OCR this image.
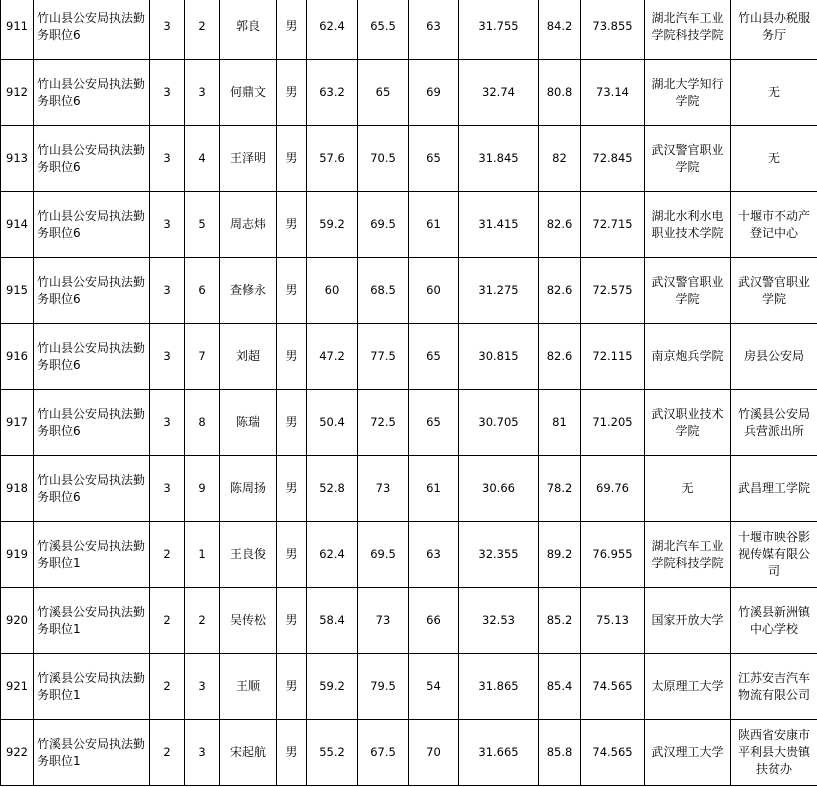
911	竹山县公安局执法勤务职位6	3	2	郭良	男	62.4	65.5	63	31.755	84.2	73.855	湖北汽车工业学院科技学院	竹山县办税服务厅
912	竹山县公安局执法勤务职位6	3	3	何鼎文	男	63.2	65	69	32.74	80.8	73.14	湖北大学知行学院	无
913	竹山县公安局执法勤务职位6	3	4	王泽明	男	57.6	70.5	65	31.845	82	72.845	武汉警官职业学院	无
914	竹山县公安局执法勤务职位6	3	5	周志炜	男	59.2	69.5	61	31.415	82.6	72.715	湖北水利水电职业技术学院	十堰市不动产登记中心
915	竹山县公安局执法勤务职位6	3	6	查修永	男	60	68.5	60	31.275	82.6	72.575	武汉警官职业学院	武汉警官职业学院
916	竹山县公安局执法勤务职位6	3	7	刘超	男	47.2	77.5	65	30.815	82.6	72.115	南京炮兵学院	房县公安局
917	竹山县公安局执法勤务职位6	3	8	陈瑞	男	50.4	72.5	65	30.705	81	71.205	武汉职业技术学院	竹溪县公安局兵营派出所
918	竹山县公安局执法勤务职位6	3	9	陈周扬	男	52.8	73	61	30.66	78.2	69.76	无	武昌理工学院
919	竹溪县公安局执法勤务职位1	2	1	王良俊	男	62.4	69.5	63	32.355	89.2	76.955	湖北汽车工业学院科技学院	十堰市映谷影视传媒有限公司
920	竹溪县公安局执法勤务职位1	2	2	吴传松	男	58.4	73	66	32.53	85.2	75.13	国家开放大学	竹溪县新洲镇中心学校
921	竹溪县公安局执法勤务职位1	2	3	王顺	男	59.2	79.5	54	31.865	85.4	74.565	太原理工大学	江苏安吉汽车物流有限公司
922	竹溪县公安局执法勤务职位1	2	3	宋起航	男	55.2	67.5	70	31.665	85.8	74.565	武汉理工大学	陕西省安康市平利县大贵镇扶贫办
